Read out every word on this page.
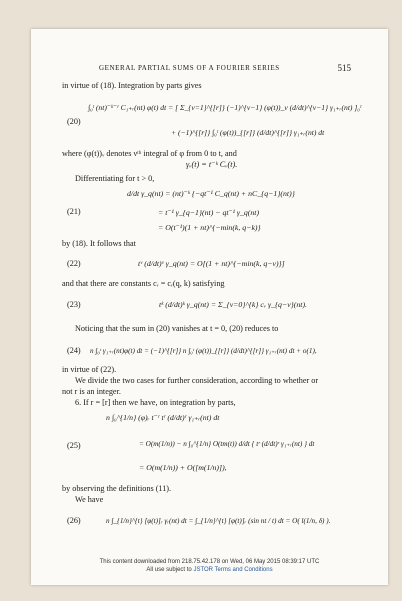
GENERAL PARTIAL SUMS OF A FOURIER SERIES	515
in virtue of (18). Integration by parts gives
(20)
∫₀ᵗ (nt)⁻ᵏ⁻ʳ C₁₊ᵣ(nt) φ(t) dt = [ Σ_{ν=1}^{[r]} (−1)^{ν−1} (φ(t))_ν (d/dt)^{ν−1} γ₁₊ᵣ(nt) ]₀ᵗ
+ (−1)^{[r]} ∫₀ᵗ (φ(t))_{[r]} (d/dt)^{[r]} γ₁₊ᵣ(nt) dt
where (φ(t))ᵥ denotes νᵗʰ integral of φ from 0 to t, and
γᵥ(t) = t⁻ᵏ Cᵥ(t).
Differentiating for t > 0,
(21)
d/dt γ_q(nt) = (nt)⁻ᵏ {−qt⁻¹ C_q(nt) + nC_{q−1}(nt)}
= t⁻¹ γ_{q−1}(nt) − qt⁻¹ γ_q(nt)
= O(t⁻¹)(1 + nt)^{−min(k, q−k)}
by (18). It follows that
(22)	tᵛ (d/dt)ᵛ γ_q(nt) = O[(1 + nt)^{−min(k, q−v)}]
and that there are constants cᵣ = cᵣ(q, k) satisfying
(23)	tᵏ (d/dt)ᵏ γ_q(nt) = Σ_{ν=0}^{k} cᵥ γ_{q−ν}(nt).
Noticing that the sum in (20) vanishes at t = 0, (20) reduces to
(24) n ∫₀ᵗ γ₁₊ᵣ(nt)φ(t) dt = (−1)^{[r]} n ∫₀ᵗ (φ(t))_{[r]} (d/dt)^{[r]} γ₁₊ᵣ(nt) dt + o(1),
in virtue of (22).
We divide the two cases for further consideration, according to whether or
not r is an integer.
6. If r = [r] then we have, on integration by parts,
(25)
n ∫₀^{1/n} (φ)ᵣ t⁻ʳ tʳ (d/dt)ʳ γ₁₊ᵣ(nt) dt
= O(m(1/n)) − n ∫₀^{1/n} O(tm(t)) d/dt { tʳ (d/dt)ʳ γ₁₊ᵣ(nt) } dt
= O(m(1/n)) + O([m(1/n)]),
by observing the definitions (11).
We have
(26)	n ∫_{1/n}^{t} [φ(t)]ᵣ γᵣ(nt) dt = ∫_{1/n}^{t} [φ(t)]ᵣ (sin nt / t) dt = O( l(1/n, δ) ).
This content downloaded from 218.75.42.178 on Wed, 06 May 2015 08:39:17 UTC
All use subject to JSTOR Terms and Conditions
